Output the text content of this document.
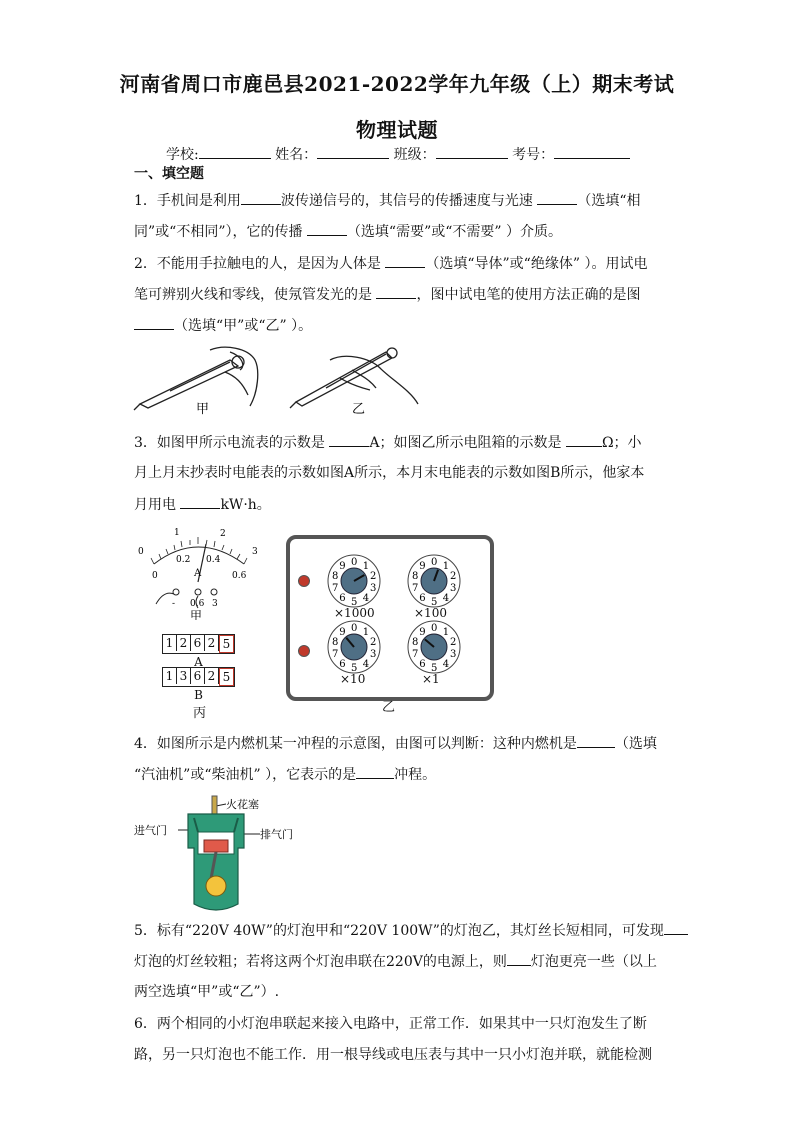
河南省周口市鹿邑县2021-2022学年九年级（上）期末考试
物理试题
学校:	姓名：	班级：	考号：
一、填空题
1．手机间是利用	波传递信号的，其信号的传播速度与光速	（选填“相
同”或“不相同”），它的传播	（选填“需要”或“不需要” ）介质。
2．不能用手拉触电的人，是因为人体是	（选填“导体”或“绝缘体” ）。用试电
笔可辨别火线和零线，使氖管发光的是	，图中试电笔的使用方法正确的是图
（选填“甲”或“乙” ）。
甲	乙
3．如图甲所示电流表的示数是	A；如图乙所示电阻箱的示数是	Ω；小
月上月末抄表时电能表的示数如图A所示，本月末电能表的示数如图B所示，他家本
月用电	kW·h。
1	2
3
0
0
0.2 0.4
0.6
A
- 0.6 3
甲
1 2 6 2 5
A
1 3 6 2 5
B
丙
0 1
2
3
4
5
6
7
8
9	0 1
2
3
4
5
6
7
8
9
0 1
2
3
4
5
6
7
8
9	0 1
2
3
4
5
6
7
8
9
×1000	×100
×10	×1
乙
4．如图所示是内燃机某一冲程的示意图，由图可以判断：这种内燃机是	（选填
“汽油机”或“柴油机” ），它表示的是	冲程。
火花塞
进气门	排气门
5．标有“220V 40W”的灯泡甲和“220V 100W”的灯泡乙，其灯丝长短相同，可发现
灯泡的灯丝较粗；若将这两个灯泡串联在220V的电源上，则 灯泡更亮一些（以上
两空选填“甲”或“乙”）.
6．两个相同的小灯泡串联起来接入电路中，正常工作．如果其中一只灯泡发生了断
路，另一只灯泡也不能工作．用一根导线或电压表与其中一只小灯泡并联，就能检测
